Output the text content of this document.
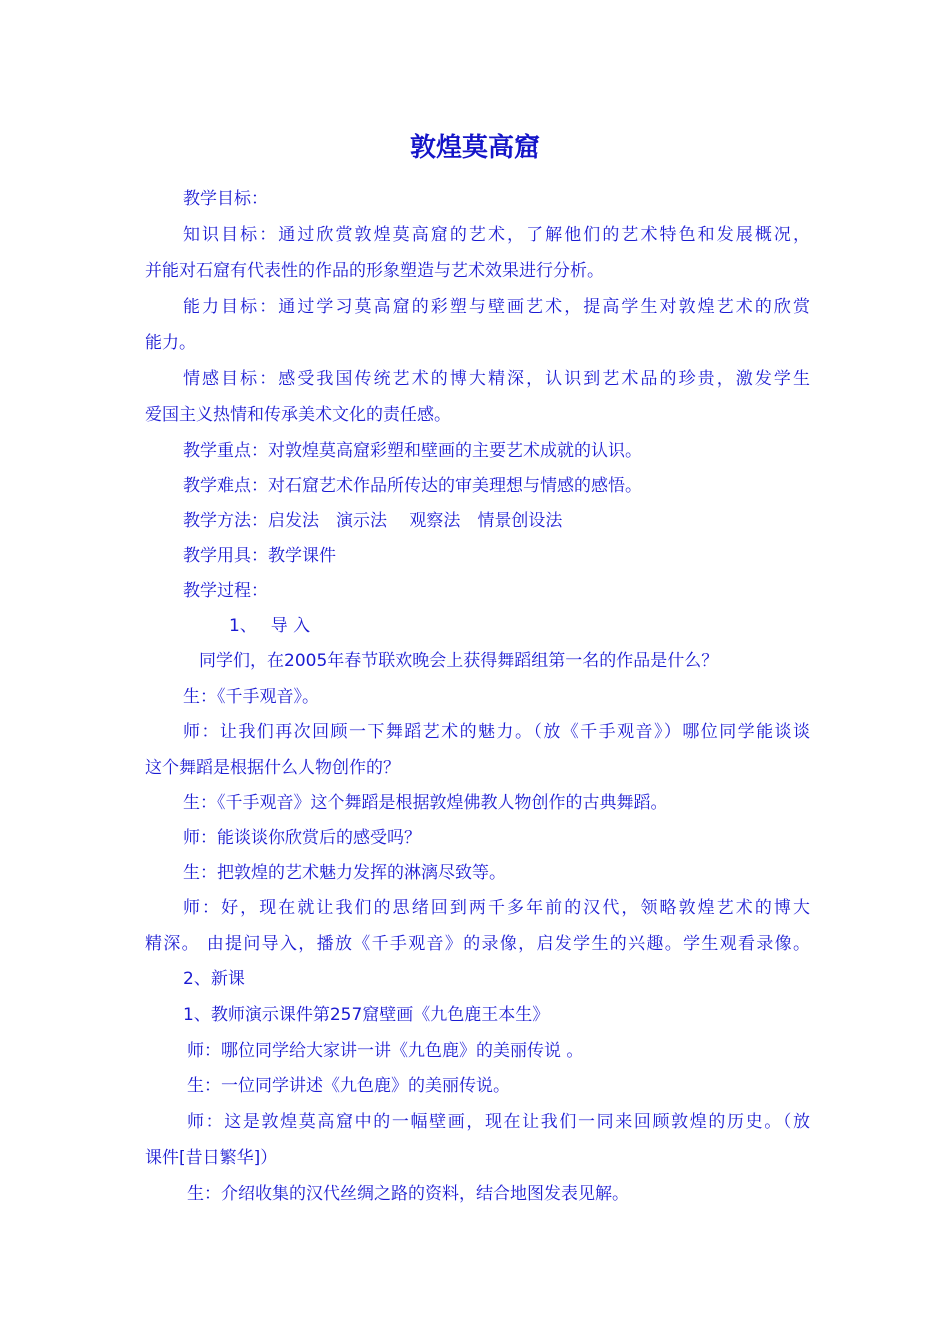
敦煌莫高窟
教学目标：
知识目标：通过欣赏敦煌莫高窟的艺术，了解他们的艺术特色和发展概况，
并能对石窟有代表性的作品的形象塑造与艺术效果进行分析。
能力目标：通过学习莫高窟的彩塑与壁画艺术，提高学生对敦煌艺术的欣赏
能力。
情感目标：感受我国传统艺术的博大精深，认识到艺术品的珍贵，激发学生
爱国主义热情和传承美术文化的责任感。
教学重点：对敦煌莫高窟彩塑和壁画的主要艺术成就的认识。
教学难点：对石窟艺术作品所传达的审美理想与情感的感悟。
教学方法：启发法　演示法　 观察法　情景创设法
教学用具：教学课件
教学过程：
1、　 导 入
同学们，在2005年春节联欢晚会上获得舞蹈组第一名的作品是什么？
生：《千手观音》。
师：让我们再次回顾一下舞蹈艺术的魅力。（放《千手观音》）哪位同学能谈谈
这个舞蹈是根据什么人物创作的？
生：《千手观音》这个舞蹈是根据敦煌佛教人物创作的古典舞蹈。
师：能谈谈你欣赏后的感受吗？
生：把敦煌的艺术魅力发挥的淋漓尽致等。
师：好，现在就让我们的思绪回到两千多年前的汉代，领略敦煌艺术的博大
精深。 由提问导入，播放《千手观音》的录像，启发学生的兴趣。学生观看录像。
2、新课
1、教师演示课件第257窟壁画《九色鹿王本生》
师：哪位同学给大家讲一讲《九色鹿》的美丽传说 。
生：一位同学讲述《九色鹿》的美丽传说。
师：这是敦煌莫高窟中的一幅壁画，现在让我们一同来回顾敦煌的历史。（放
课件[昔日繁华]）
生：介绍收集的汉代丝绸之路的资料，结合地图发表见解。
